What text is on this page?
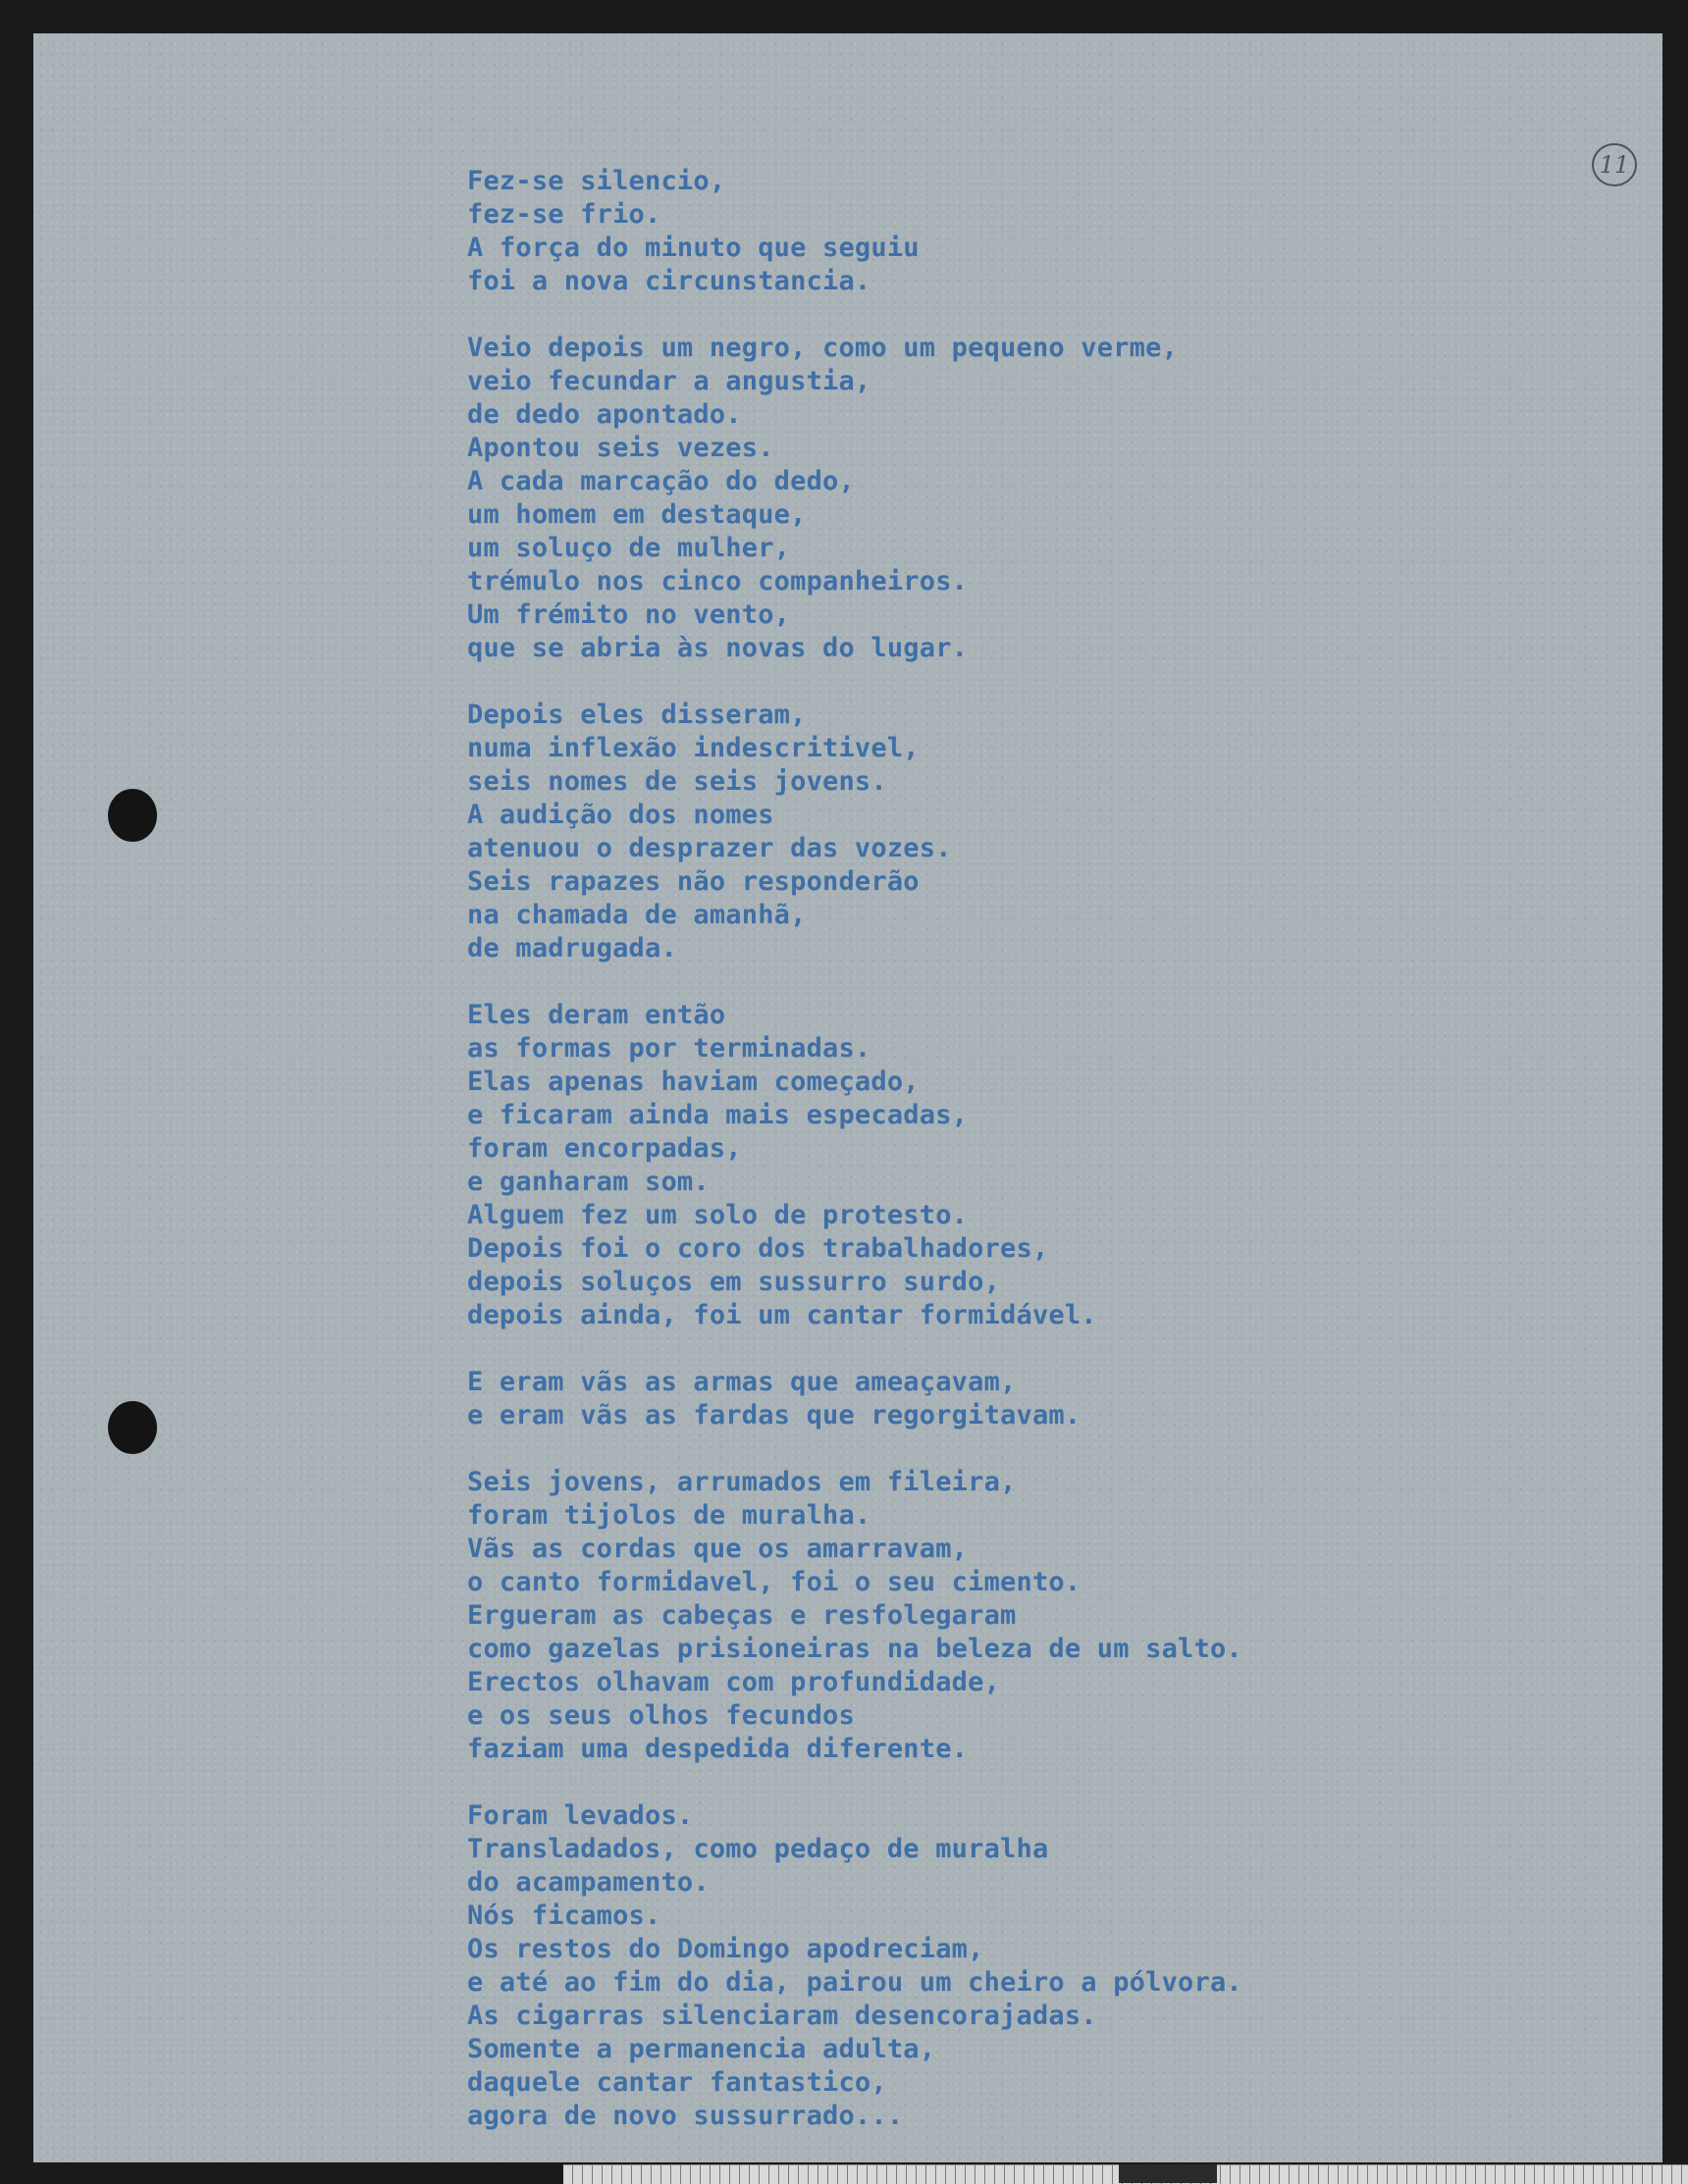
11
Fez-se silencio,
fez-se frio.
A força do minuto que seguiu
foi a nova circunstancia.
Veio depois um negro, como um pequeno verme,
veio fecundar a angustia,
de dedo apontado.
Apontou seis vezes.
A cada marcação do dedo,
um homem em destaque,
um soluço de mulher,
trémulo nos cinco companheiros.
Um frémito no vento,
que se abria às novas do lugar.
Depois eles disseram,
numa inflexão indescritivel,
seis nomes de seis jovens.
A audição dos nomes
atenuou o desprazer das vozes.
Seis rapazes não responderão
na chamada de amanhã,
de madrugada.
Eles deram então
as formas por terminadas.
Elas apenas haviam começado,
e ficaram ainda mais especadas,
foram encorpadas,
e ganharam som.
Alguem fez um solo de protesto.
Depois foi o coro dos trabalhadores,
depois soluços em sussurro surdo,
depois ainda, foi um cantar formidável.
E eram vãs as armas que ameaçavam,
e eram vãs as fardas que regorgitavam.
Seis jovens, arrumados em fileira,
foram tijolos de muralha.
Vãs as cordas que os amarravam,
o canto formidavel, foi o seu cimento.
Ergueram as cabeças e resfolegaram
como gazelas prisioneiras na beleza de um salto.
Erectos olhavam com profundidade,
e os seus olhos fecundos
faziam uma despedida diferente.
Foram levados.
Transladados, como pedaço de muralha
do acampamento.
Nós ficamos.
Os restos do Domingo apodreciam,
e até ao fim do dia, pairou um cheiro a pólvora.
As cigarras silenciaram desencorajadas.
Somente a permanencia adulta,
daquele cantar fantastico,
agora de novo sussurrado...
